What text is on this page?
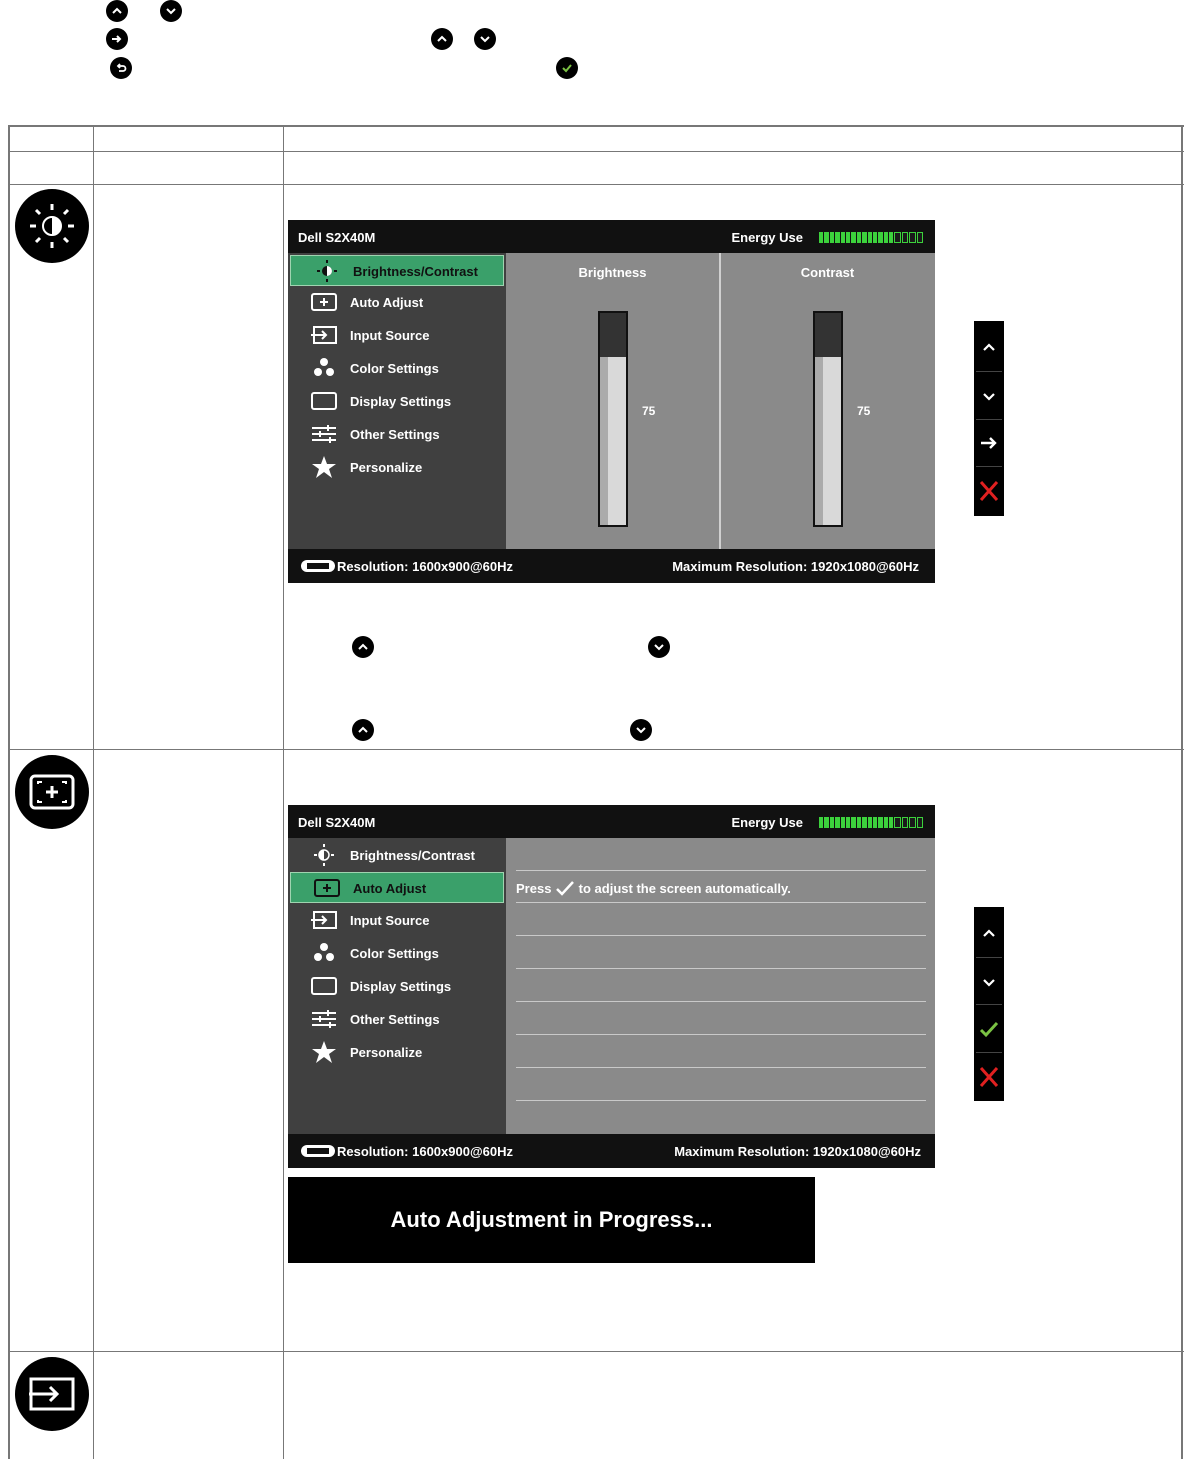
Dell S2X40M	Energy Use
Brightness/Contrast
Auto Adjust
Input Source
Color Settings
Display Settings
Other Settings
Personalize
Brightness
75
Contrast
75
Resolution: 1600x900@60Hz	Maximum Resolution: 1920x1080@60Hz
Dell S2X40M	Energy Use
Brightness/Contrast
Auto Adjust
Input Source
Color Settings
Display Settings
Other Settings
Personalize
Press to adjust the screen automatically.
Resolution: 1600x900@60Hz	Maximum Resolution: 1920x1080@60Hz
Auto Adjustment in Progress...
